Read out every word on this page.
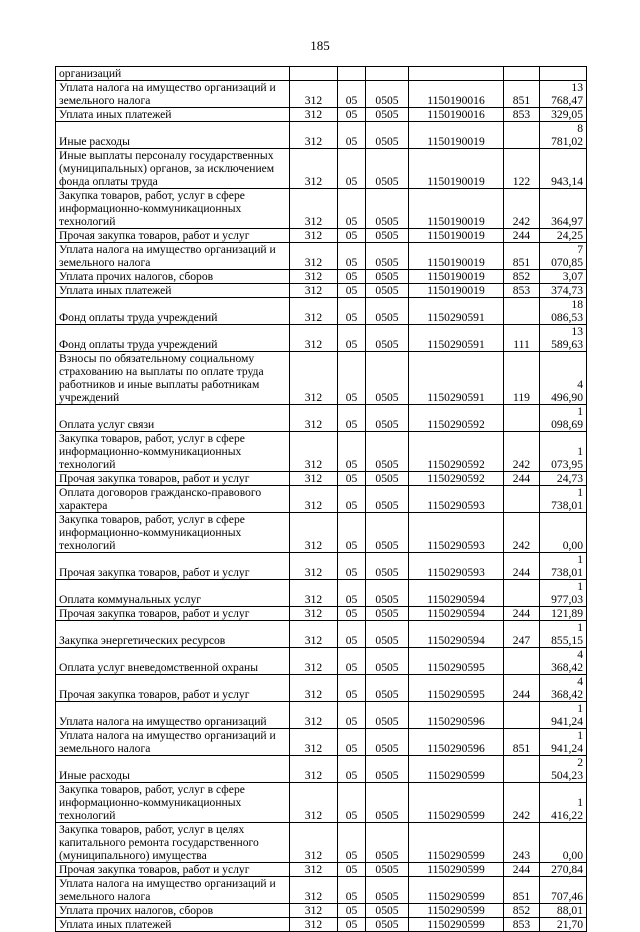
185
организаций						
Уплата налога на имущество организаций и земельного налога	312	05	0505	1150190016	851	13 768,47
Уплата иных платежей	312	05	0505	1150190016	853	329,05
Иные расходы	312	05	0505	1150190019		8 781,02
Иные выплаты персоналу государственных (муниципальных) органов, за исключением фонда оплаты труда	312	05	0505	1150190019	122	943,14
Закупка товаров, работ, услуг в сфере информационно-коммуникационных технологий	312	05	0505	1150190019	242	364,97
Прочая закупка товаров, работ и услуг	312	05	0505	1150190019	244	24,25
Уплата налога на имущество организаций и земельного налога	312	05	0505	1150190019	851	7 070,85
Уплата прочих налогов, сборов	312	05	0505	1150190019	852	3,07
Уплата иных платежей	312	05	0505	1150190019	853	374,73
Фонд оплаты труда учреждений	312	05	0505	1150290591		18 086,53
Фонд оплаты труда учреждений	312	05	0505	1150290591	111	13 589,63
Взносы по обязательному социальному страхованию на выплаты по оплате труда работников и иные выплаты работникам учреждений	312	05	0505	1150290591	119	4 496,90
Оплата услуг связи	312	05	0505	1150290592		1 098,69
Закупка товаров, работ, услуг в сфере информационно-коммуникационных технологий	312	05	0505	1150290592	242	1 073,95
Прочая закупка товаров, работ и услуг	312	05	0505	1150290592	244	24,73
Оплата договоров гражданско-правового характера	312	05	0505	1150290593		1 738,01
Закупка товаров, работ, услуг в сфере информационно-коммуникационных технологий	312	05	0505	1150290593	242	0,00
Прочая закупка товаров, работ и услуг	312	05	0505	1150290593	244	1 738,01
Оплата коммунальных услуг	312	05	0505	1150290594		1 977,03
Прочая закупка товаров, работ и услуг	312	05	0505	1150290594	244	121,89
Закупка энергетических ресурсов	312	05	0505	1150290594	247	1 855,15
Оплата услуг вневедомственной охраны	312	05	0505	1150290595		4 368,42
Прочая закупка товаров, работ и услуг	312	05	0505	1150290595	244	4 368,42
Уплата налога на имущество организаций	312	05	0505	1150290596		1 941,24
Уплата налога на имущество организаций и земельного налога	312	05	0505	1150290596	851	1 941,24
Иные расходы	312	05	0505	1150290599		2 504,23
Закупка товаров, работ, услуг в сфере информационно-коммуникационных технологий	312	05	0505	1150290599	242	1 416,22
Закупка товаров, работ, услуг в целях капитального ремонта государственного (муниципального) имущества	312	05	0505	1150290599	243	0,00
Прочая закупка товаров, работ и услуг	312	05	0505	1150290599	244	270,84
Уплата налога на имущество организаций и земельного налога	312	05	0505	1150290599	851	707,46
Уплата прочих налогов, сборов	312	05	0505	1150290599	852	88,01
Уплата иных платежей	312	05	0505	1150290599	853	21,70
